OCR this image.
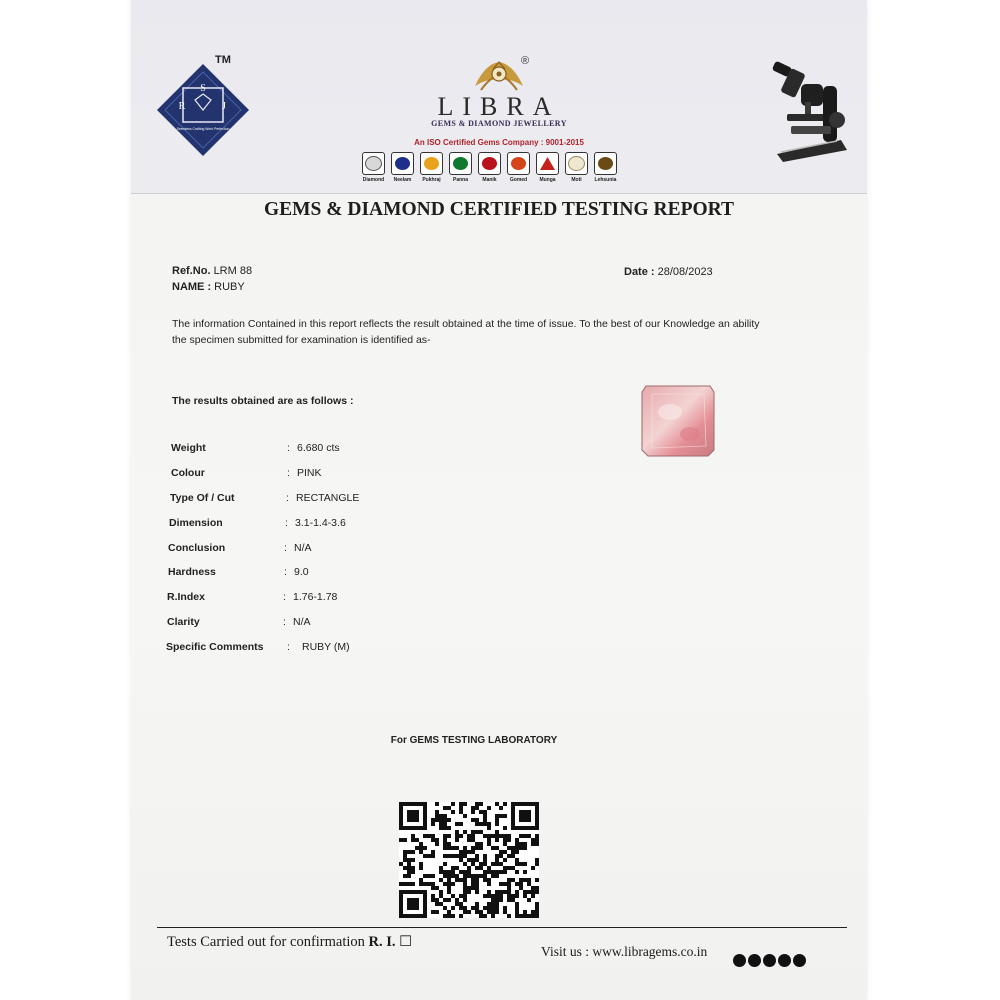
S
R	J
Seemless Crafting Work Perfection
TM	®
LIBRA
GEMS & DIAMOND JEWELLERY
An ISO Certified Gems Company : 9001-2015
Diamond Neelam Pukhraj Panna	Manik	Gomed Munga	Moti	Lehsunia
GEMS & DIAMOND CERTIFIED TESTING REPORT
Ref.No. LRM 88
NAME : RUBY
Date : 28/08/2023
The information Contained in this report reflects the result obtained at the time of issue. To the best of our Knowledge an ability the specimen submitted for examination is identified as-
The results obtained are as follows :
Weight	: 6.680 cts
Colour	: PINK
Type Of / Cut	: RECTANGLE
Dimension	: 3.1-1.4-3.6
Conclusion	: N/A
Hardness	: 9.0
R.Index	: 1.76-1.78
Clarity	: N/A
Specific Comments : RUBY (M)
For GEMS TESTING LABORATORY
Tests Carried out for confirmation R. I. ☐
Visit us : www.libragems.co.in
